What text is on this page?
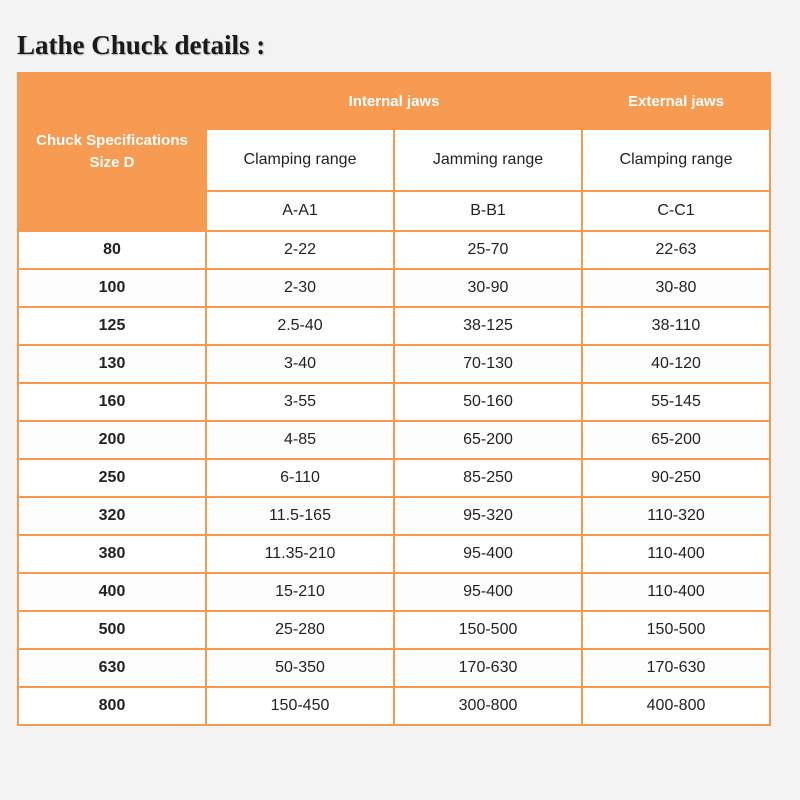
Lathe Chuck details :
Chuck Specifications
Size D	Internal jaws		External jaws
	Clamping range	Jamming range	Clamping range
	A-A1	B-B1	C-C1
80	2-22	25-70	22-63
100	2-30	30-90	30-80
125	2.5-40	38-125	38-110
130	3-40	70-130	40-120
160	3-55	50-160	55-145
200	4-85	65-200	65-200
250	6-110	85-250	90-250
320	11.5-165	95-320	110-320
380	11.35-210	95-400	110-400
400	15-210	95-400	110-400
500	25-280	150-500	150-500
630	50-350	170-630	170-630
800	150-450	300-800	400-800
